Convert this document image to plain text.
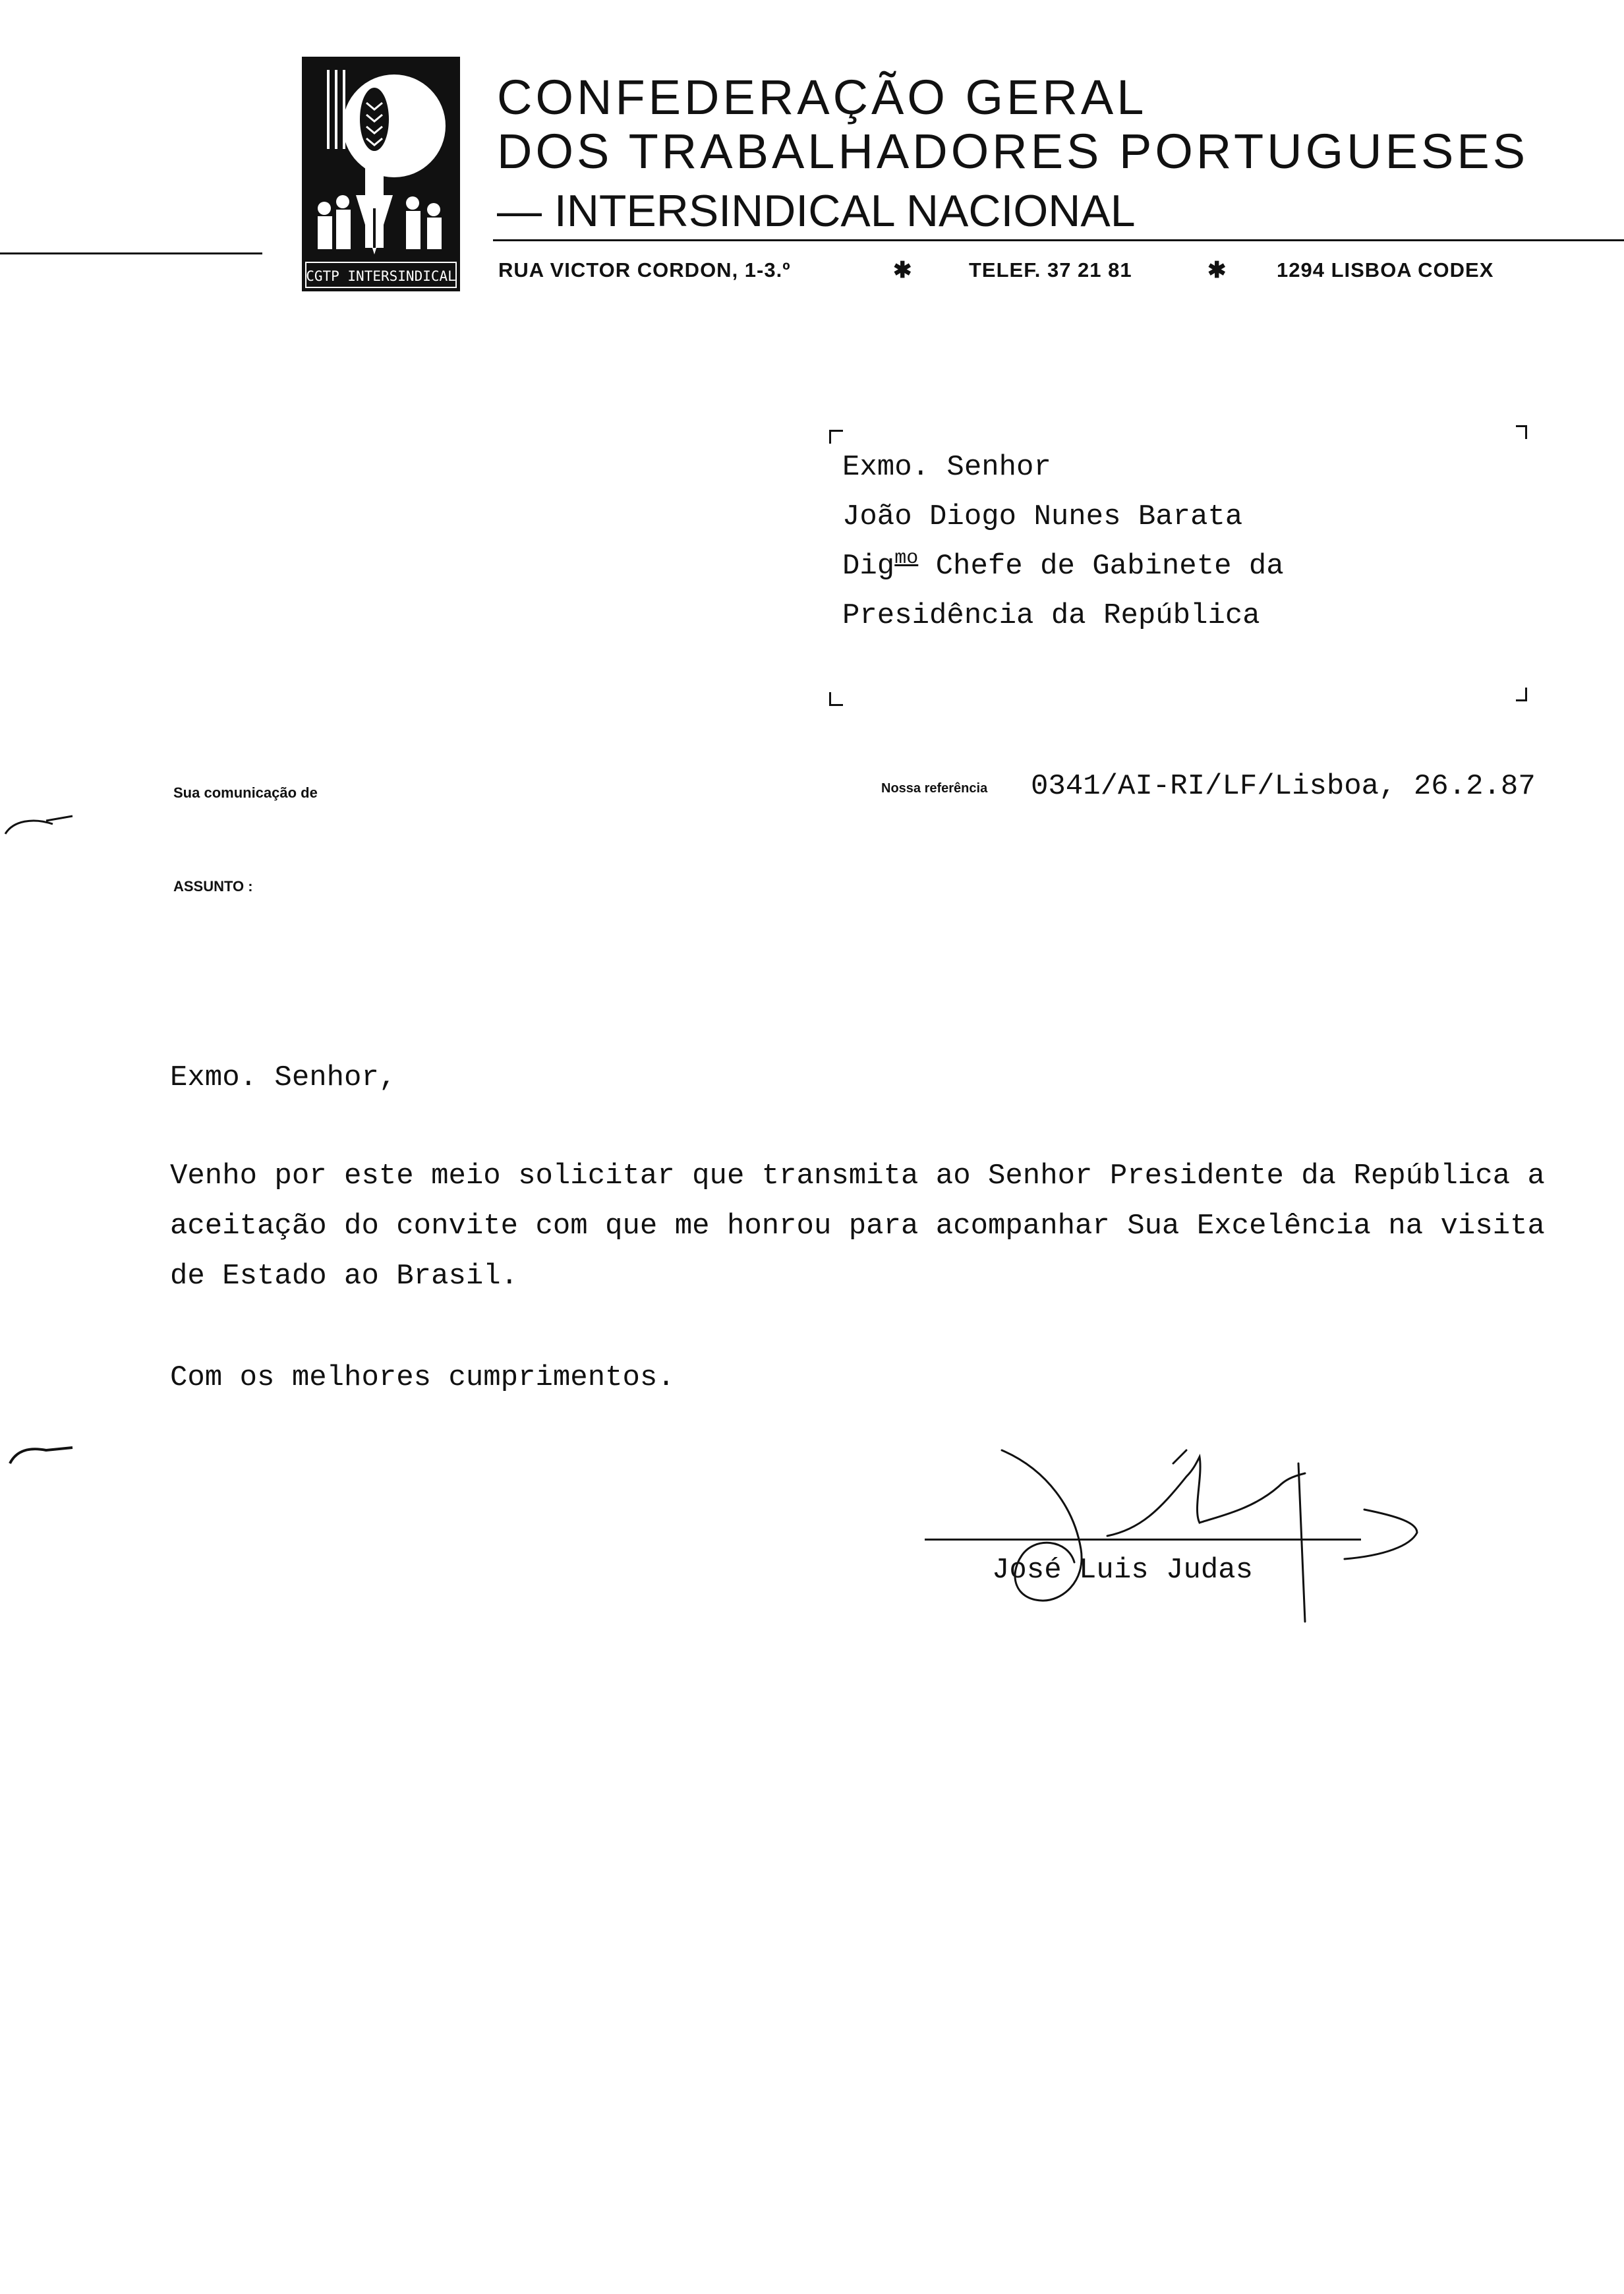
CGTP INTERSINDICAL
CONFEDERAÇÃO GERAL
DOS TRABALHADORES PORTUGUESES
— INTERSINDICAL NACIONAL
RUA VICTOR CORDON, 1-3.º	✱	TELEF. 37 21 81	✱ 1294 LISBOA CODEX
Exmo. Senhor
João Diogo Nunes Barata
Dig$^{mo}$ Chefe de Gabinete da
Presidência da República
Sua comunicação de
ASSUNTO :
Nossa referência 0341/AI-RI/LF/Lisboa, 26.2.87
Exmo. Senhor,
Venho por este meio solicitar que transmita ao Senhor Presidente da República a
aceitação do convite com que me honrou para acompanhar Sua Excelência na visita
de Estado ao Brasil.
Com os melhores cumprimentos.
José Luis Judas
